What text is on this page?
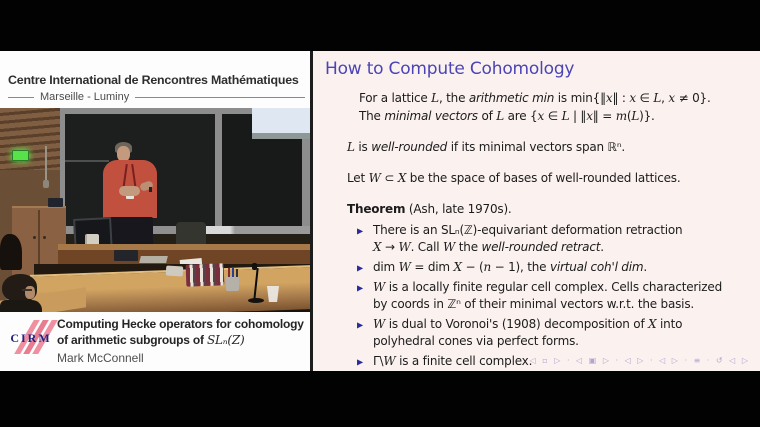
Centre International de Rencontres Mathématiques
Marseille - Luminy
CIRM
Computing Hecke operators for cohomology
of arithmetic subgroups of SLₙ(Z)
Mark McConnell
How to Compute Cohomology
For a lattice L, the arithmetic min is min{‖x‖ : x ∈ L, x ≠ 0}.
The minimal vectors of L are {x ∈ L | ‖x‖ = m(L)}.
L is well-rounded if its minimal vectors span ℝⁿ.
Let W ⊂ X be the space of bases of well-rounded lattices.
Theorem (Ash, late 1970s).
▶ There is an SLₙ(ℤ)-equivariant deformation retraction
X → W. Call W the well-rounded retract.
▶ dim W = dim X − (n − 1), the virtual coh'l dim.
▶ W is a locally finite regular cell complex. Cells characterized
by coords in ℤⁿ of their minimal vectors w.r.t. the basis.
▶ W is dual to Voronoi's (1908) decomposition of X into
polyhedral cones via perfect forms.
▶ Γ\W is a finite cell complex.
◁ ▫ ▷ · ◁ ▣ ▷ · ◁ ▷ · ◁ ▷ · ≡ · ↺ ◁ ▷
